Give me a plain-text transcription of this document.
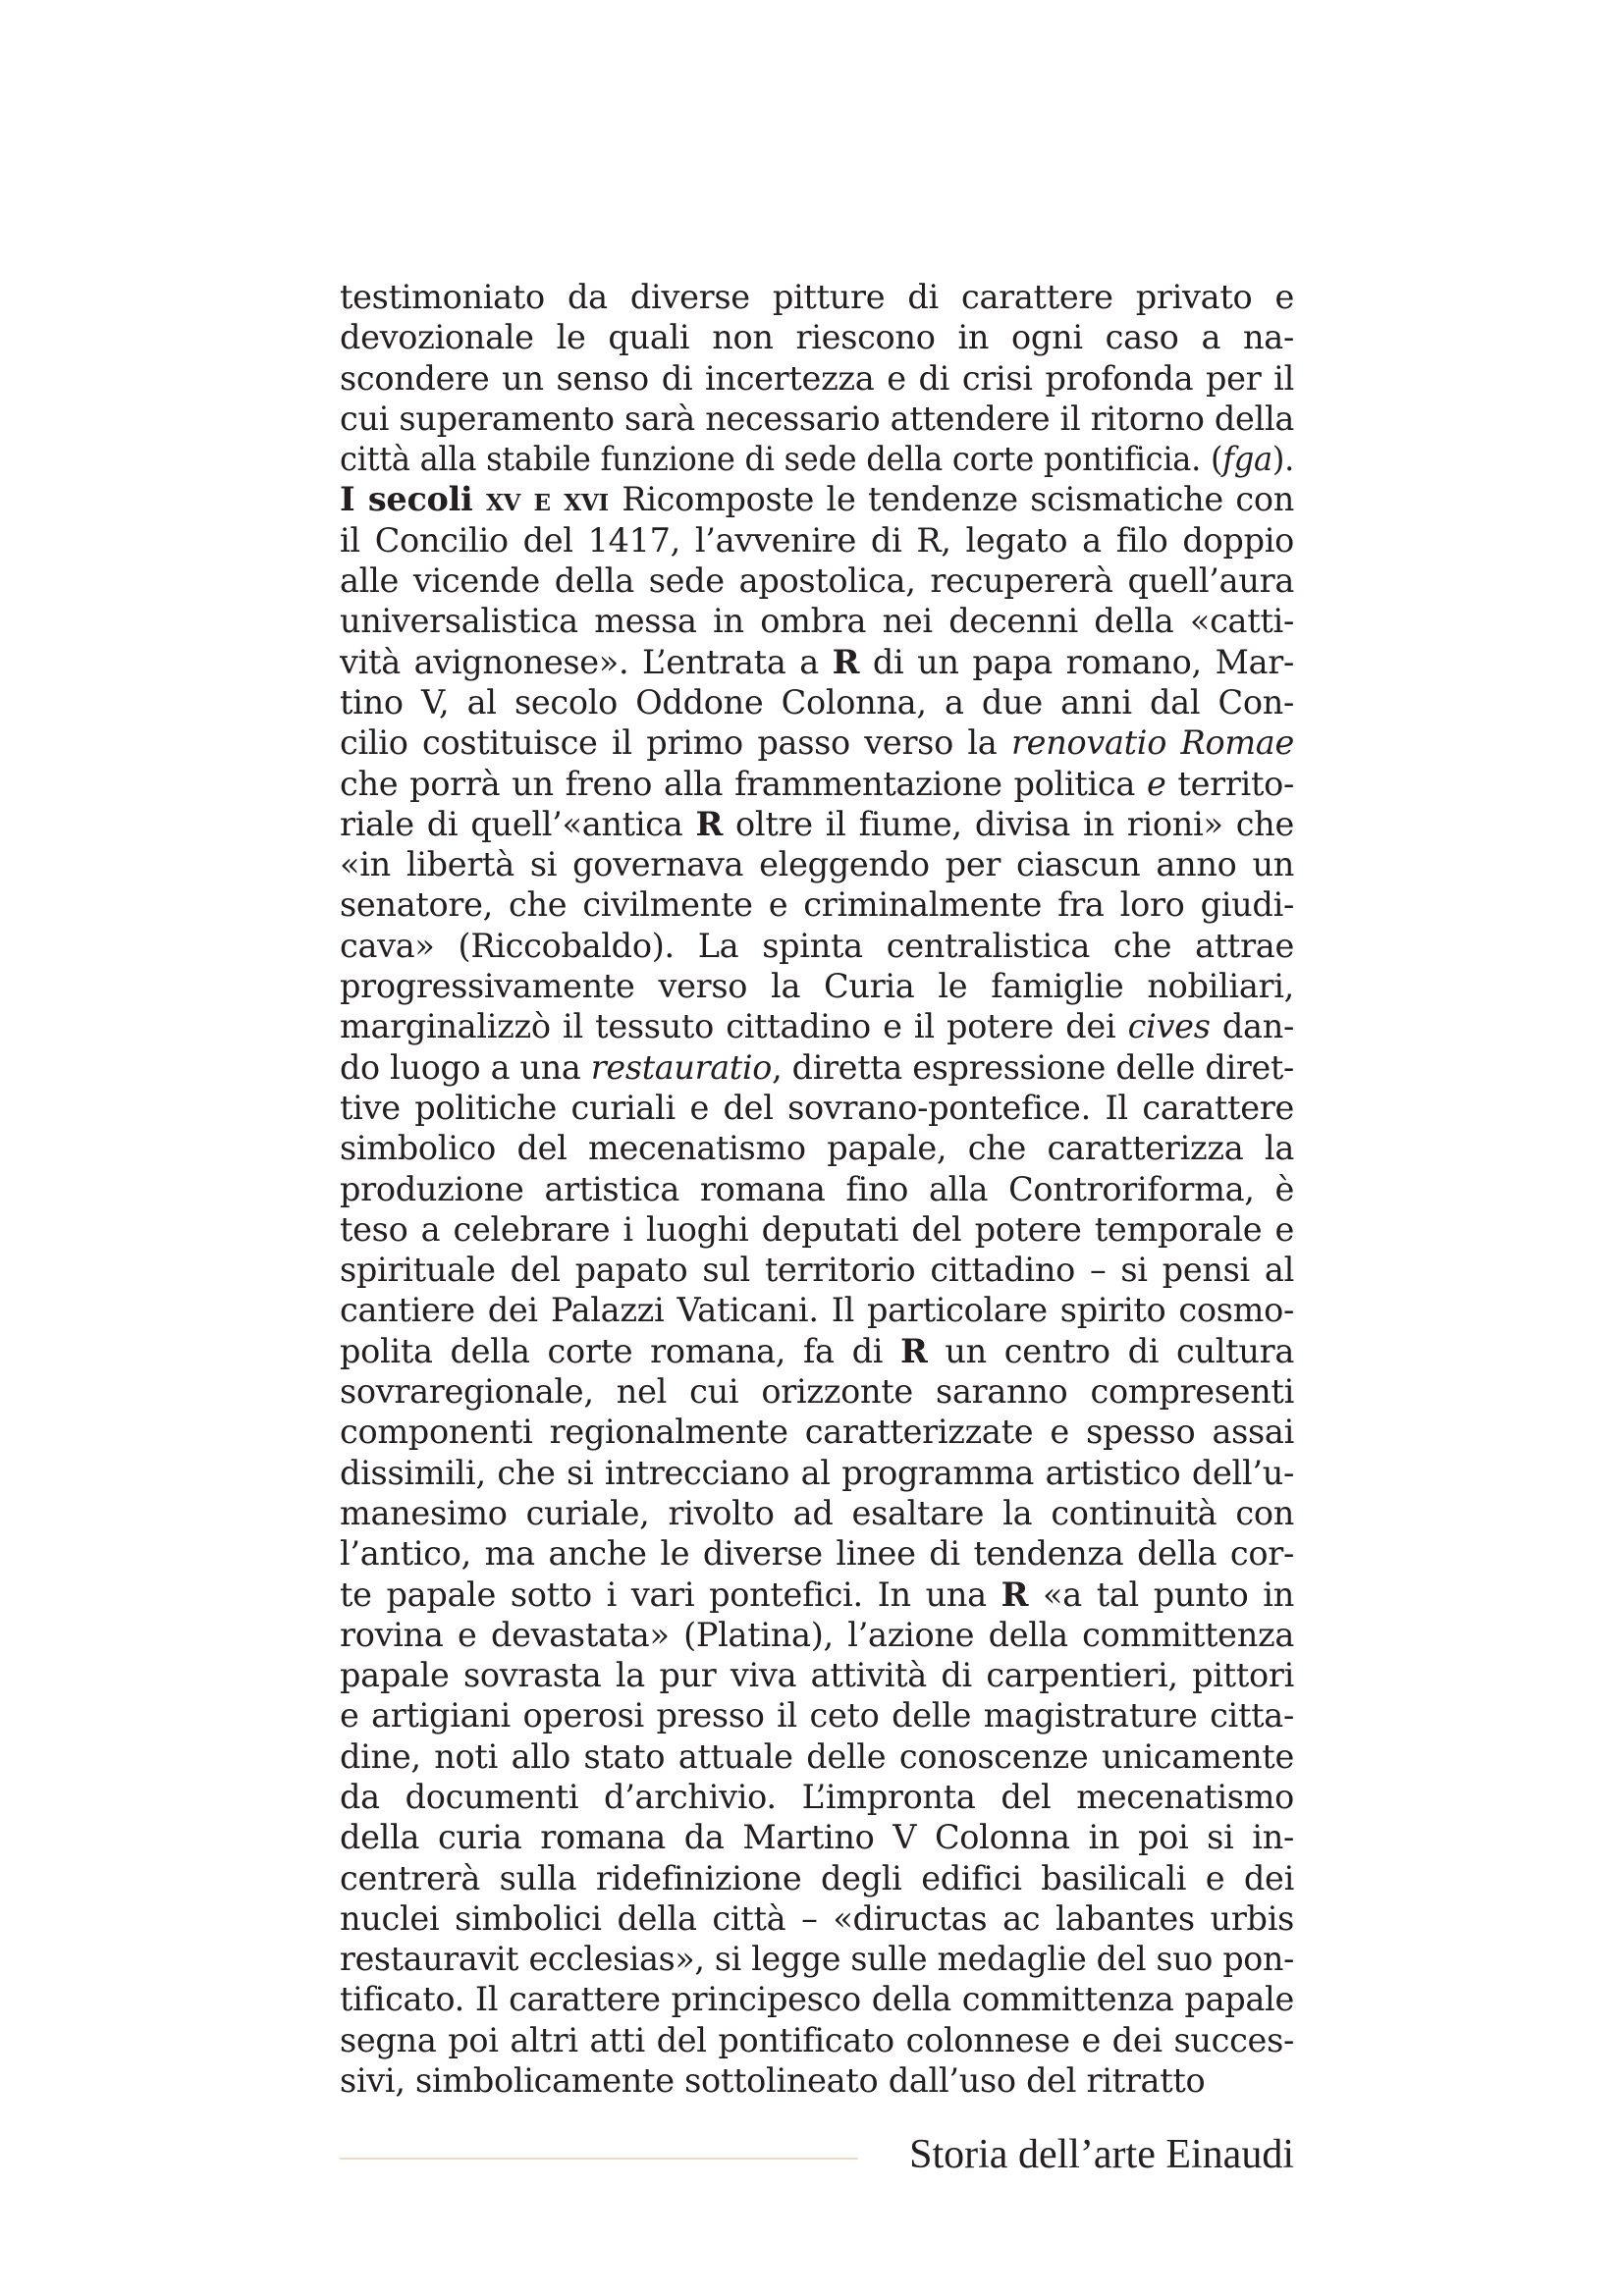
testimoniato da diverse pitture di carattere privato e
devozionale le quali non riescono in ogni caso a na-
scondere un senso di incertezza e di crisi profonda per il
cui superamento sarà necessario attendere il ritorno della
città alla stabile funzione di sede della corte pontificia. (fga).
I secoli xv e xvi Ricomposte le tendenze scismatiche con
il Concilio del 1417, l’avvenire di R, legato a filo doppio
alle vicende della sede apostolica, recupererà quell’aura
universalistica messa in ombra nei decenni della «catti-
vità avignonese». L’entrata a R di un papa romano, Mar-
tino V, al secolo Oddone Colonna, a due anni dal Con-
cilio costituisce il primo passo verso la renovatio Romae
che porrà un freno alla frammentazione politica e territo-
riale di quell’«antica R oltre il fiume, divisa in rioni» che
«in libertà si governava eleggendo per ciascun anno un
senatore, che civilmente e criminalmente fra loro giudi-
cava» (Riccobaldo). La spinta centralistica che attrae
progressivamente verso la Curia le famiglie nobiliari,
marginalizzò il tessuto cittadino e il potere dei cives dan-
do luogo a una restauratio, diretta espressione delle diret-
tive politiche curiali e del sovrano-pontefice. Il carattere
simbolico del mecenatismo papale, che caratterizza la
produzione artistica romana fino alla Controriforma, è
teso a celebrare i luoghi deputati del potere temporale e
spirituale del papato sul territorio cittadino – si pensi al
cantiere dei Palazzi Vaticani. Il particolare spirito cosmo-
polita della corte romana, fa di R un centro di cultura
sovraregionale, nel cui orizzonte saranno compresenti
componenti regionalmente caratterizzate e spesso assai
dissimili, che si intrecciano al programma artistico dell’u-
manesimo curiale, rivolto ad esaltare la continuità con
l’antico, ma anche le diverse linee di tendenza della cor-
te papale sotto i vari pontefici. In una R «a tal punto in
rovina e devastata» (Platina), l’azione della committenza
papale sovrasta la pur viva attività di carpentieri, pittori
e artigiani operosi presso il ceto delle magistrature citta-
dine, noti allo stato attuale delle conoscenze unicamente
da documenti d’archivio. L’impronta del mecenatismo
della curia romana da Martino V Colonna in poi si in-
centrerà sulla ridefinizione degli edifici basilicali e dei
nuclei simbolici della città – «diructas ac labantes urbis
restauravit ecclesias», si legge sulle medaglie del suo pon-
tificato. Il carattere principesco della committenza papale
segna poi altri atti del pontificato colonnese e dei succes-
sivi, simbolicamente sottolineato dall’uso del ritratto
Storia dell’arte Einaudi
